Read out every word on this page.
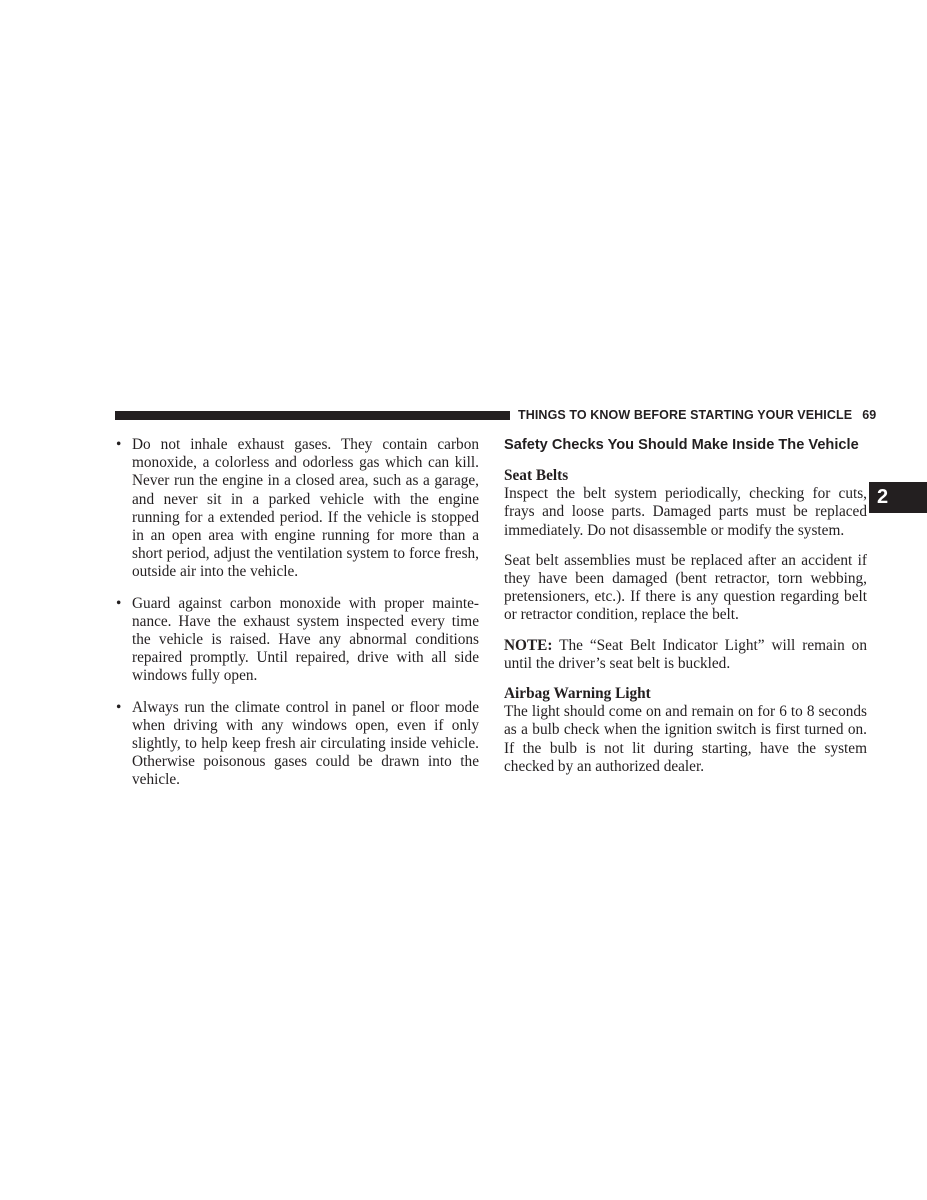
THINGS TO KNOW BEFORE STARTING YOUR VEHICLE 69
2
• Do not inhale exhaust gases. They contain carbon monoxide, a colorless and odorless gas which can kill. Never run the engine in a closed area, such as a garage, and never sit in a parked vehicle with the engine running for a extended period. If the vehicle is stopped in an open area with engine running for more than a short period, adjust the ventilation system to force fresh, outside air into the vehicle.
• Guard against carbon monoxide with proper maintenance. Have the exhaust system inspected every time the vehicle is raised. Have any abnormal conditions repaired promptly. Until repaired, drive with all side windows fully open.
• Always run the climate control in panel or floor mode when driving with any windows open, even if only slightly, to help keep fresh air circulating inside vehicle. Otherwise poisonous gases could be drawn into the vehicle.
Safety Checks You Should Make Inside The Vehicle
Seat Belts

Inspect the belt system periodically, checking for cuts, frays and loose parts. Damaged parts must be replaced immediately. Do not disassemble or modify the system.

Seat belt assemblies must be replaced after an accident if they have been damaged (bent retractor, torn webbing, pretensioners, etc.). If there is any question regarding belt or retractor condition, replace the belt.

NOTE: The “Seat Belt Indicator Light” will remain on until the driver’s seat belt is buckled.

Airbag Warning Light

The light should come on and remain on for 6 to 8 seconds as a bulb check when the ignition switch is first turned on. If the bulb is not lit during starting, have the system checked by an authorized dealer.
